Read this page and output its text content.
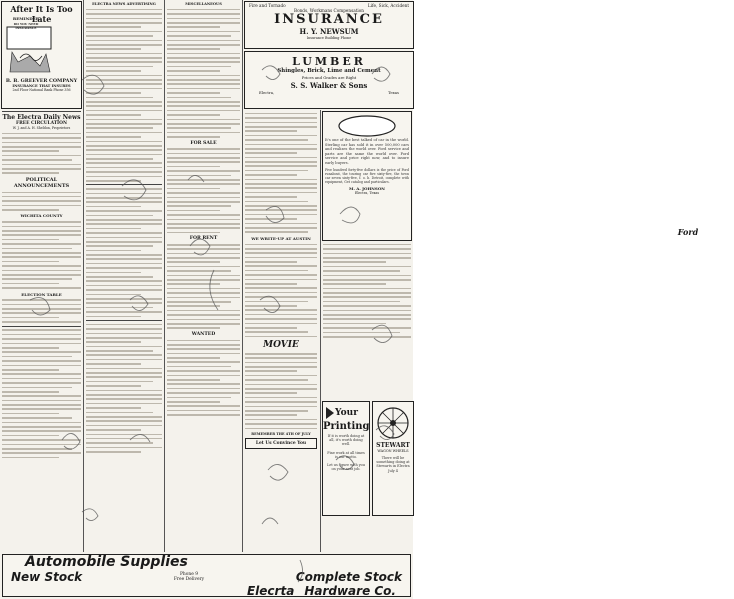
After It Is Too Late
REMINDER
DO YOU NEED INSURANCE
B. B. GREEVER COMPANY
INSURANCE THAT INSURES
2nd Floor National Bank Phone 356
The Electra Daily News
FREE CIRCULATION
W. J. and A. H. Sheldon, Proprietors
POLITICAL ANNOUNCEMENTS
WICHITA COUNTY
ELECTION TABLE
ELECTRA NEWS ADVERTISING	MISCELLANEOUS
FOR SALE
FOR RENT
WANTED
Fire and Tornado	Life, Sick, Accident
Bonds, Workmans Compensation
INSURANCE
H. Y. NEWSUM
Insurance Building Phone
LUMBER
Shingles, Brick, Lime and Cement
Prices and Grades are Right
S. S. Walker & Sons
Electra,	Texas
WE WRITE-UP AT AUSTIN
MOVIE
REMEMBER THE 4TH OF JULY
Let Us Convince You
Ford
It's one of the best talked of car in the world. Sterling car has sold it in over 500,000 cars and realizes the world over. Ford service and parts are the same the world over. Ford service and price right now, and to insure early buyers.
Five hundred forty-five dollars is the price of Ford runabout, the touring car five sixty-five, the town car seven sixty-five, f. o. b. Detroit, complete with equipment, Get catalog and particulars.
M. A. JOHNSON
Electra, Texas
Your
Printing
If it is worth doing at all, it's worth doing well.
Fine work at all times is our motto.
Let us figure with you on your next job.
STEWART
WAGON WHEELS
There will be something doing at Stewarts in Electra July 4
Automobile Supplies
New Stock	Phone 9
Free Delivery	Complete Stock
Elecrta Hardware Co.
